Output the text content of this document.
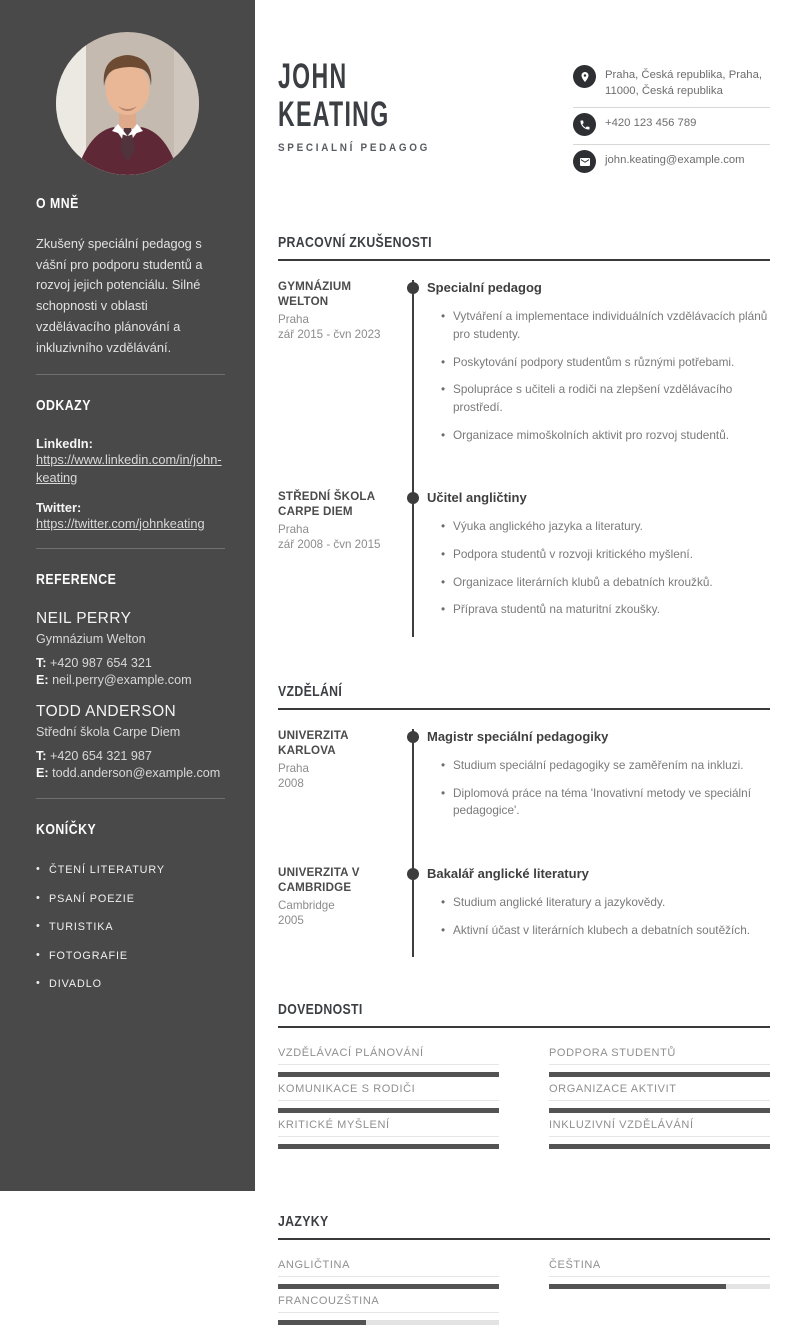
O MNĚ

Zkušený speciální pedagog s vášní pro podporu studentů a rozvoj jejich potenciálu. Silné schopnosti v oblasti vzdělávacího plánování a inkluzivního vzdělávání.

ODKAZY
LinkedIn:
https://www.linkedin.com/in/john-keating
Twitter:
https://twitter.com/johnkeating
REFERENCE
NEIL PERRY
Gymnázium Welton
T: +420 987 654 321
E: neil.perry@example.com
TODD ANDERSON
Střední škola Carpe Diem
T: +420 654 321 987
E: todd.anderson@example.com
KONÍČKY
• ČTENÍ LITERATURY
• PSANÍ POEZIE
• TURISTIKA
• FOTOGRAFIE
• DIVADLO
JOHN
KEATING
SPECIALNÍ PEDAGOG
Praha, Česká republika, Praha, 11000, Česká republika
+420 123 456 789
john.keating@example.com
PRACOVNÍ ZKUŠENOSTI
GYMNÁZIUM WELTON
Praha
zář 2015 - čvn 2023
Specialní pedagog
• Vytváření a implementace individuálních vzdělávacích plánů pro studenty.
• Poskytování podpory studentům s různými potřebami.
• Spolupráce s učiteli a rodiči na zlepšení vzdělávacího prostředí.
• Organizace mimoškolních aktivit pro rozvoj studentů.
STŘEDNÍ ŠKOLA CARPE DIEM
Praha
zář 2008 - čvn 2015
Učitel angličtiny
• Výuka anglického jazyka a literatury.
• Podpora studentů v rozvoji kritického myšlení.
• Organizace literárních klubů a debatních kroužků.
• Příprava studentů na maturitní zkoušky.
VZDĚLÁNÍ
UNIVERZITA KARLOVA
Praha
2008
Magistr speciální pedagogiky
• Studium speciální pedagogiky se zaměřením na inkluzi.
• Diplomová práce na téma 'Inovativní metody ve speciální pedagogice'.
UNIVERZITA V CAMBRIDGE
Cambridge
2005
Bakalář anglické literatury
• Studium anglické literatury a jazykovědy.
• Aktivní účast v literárních klubech a debatních soutěžích.
DOVEDNOSTI
VZDĚLÁVACÍ PLÁNOVÁNÍ	PODPORA STUDENTŮ
KOMUNIKACE S RODIČI	ORGANIZACE AKTIVIT
KRITICKÉ MYŠLENÍ	INKLUZIVNÍ VZDĚLÁVÁNÍ
JAZYKY
ANGLIČTINA	ČEŠTINA
FRANCOUZŠTINA
